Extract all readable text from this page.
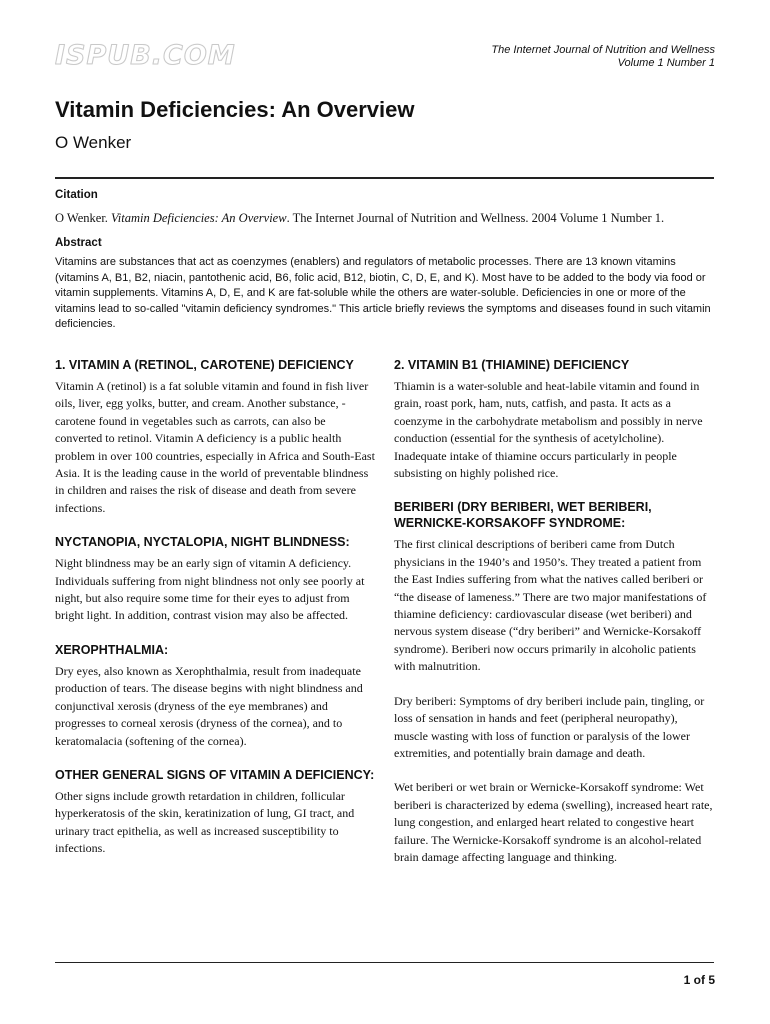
ISPUB.COM	The Internet Journal of Nutrition and Wellness
Volume 1 Number 1
Vitamin Deficiencies: An Overview
O Wenker
Citation
O Wenker. Vitamin Deficiencies: An Overview. The Internet Journal of Nutrition and Wellness. 2004 Volume 1 Number 1.
Abstract

Vitamins are substances that act as coenzymes (enablers) and regulators of metabolic processes. There are 13 known vitamins (vitamins A, B1, B2, niacin, pantothenic acid, B6, folic acid, B12, biotin, C, D, E, and K). Most have to be added to the body via food or vitamin supplements. Vitamins A, D, E, and K are fat-soluble while the others are water-soluble. Deficiencies in one or more of the vitamins lead to so-called "vitamin deficiency syndromes." This article briefly reviews the symptoms and diseases found in such vitamin deficiencies.

1. VITAMIN A (RETINOL, CAROTENE) DEFICIENCY

Vitamin A (retinol) is a fat soluble vitamin and found in fish liver oils, liver, egg yolks, butter, and cream. Another substance, -carotene found in vegetables such as carrots, can also be converted to retinol. Vitamin A deficiency is a public health problem in over 100 countries, especially in Africa and South-East Asia. It is the leading cause in the world of preventable blindness in children and raises the risk of disease and death from severe infections.

NYCTANOPIA, NYCTALOPIA, NIGHT BLINDNESS:

Night blindness may be an early sign of vitamin A deficiency. Individuals suffering from night blindness not only see poorly at night, but also require some time for their eyes to adjust from bright light. In addition, contrast vision may also be affected.

XEROPHTHALMIA:

Dry eyes, also known as Xerophthalmia, result from inadequate production of tears. The disease begins with night blindness and conjunctival xerosis (dryness of the eye membranes) and progresses to corneal xerosis (dryness of the cornea), and to keratomalacia (softening of the cornea).

OTHER GENERAL SIGNS OF VITAMIN A DEFICIENCY:

Other signs include growth retardation in children, follicular hyperkeratosis of the skin, keratinization of lung, GI tract, and urinary tract epithelia, as well as increased susceptibility to infections.

2. VITAMIN B1 (THIAMINE) DEFICIENCY

Thiamin is a water-soluble and heat-labile vitamin and found in grain, roast pork, ham, nuts, catfish, and pasta. It acts as a coenzyme in the carbohydrate metabolism and possibly in nerve conduction (essential for the synthesis of acetylcholine). Inadequate intake of thiamine occurs particularly in people subsisting on highly polished rice.

BERIBERI (DRY BERIBERI, WET BERIBERI, WERNICKE-KORSAKOFF SYNDROME:

The first clinical descriptions of beriberi came from Dutch physicians in the 1940’s and 1950’s. They treated a patient from the East Indies suffering from what the natives called beriberi or “the disease of lameness.” There are two major manifestations of thiamine deficiency: cardiovascular disease (wet beriberi) and nervous system disease (“dry beriberi” and Wernicke-Korsakoff syndrome). Beriberi now occurs primarily in alcoholic patients with malnutrition.

Dry beriberi: Symptoms of dry beriberi include pain, tingling, or loss of sensation in hands and feet (peripheral neuropathy), muscle wasting with loss of function or paralysis of the lower extremities, and potentially brain damage and death.

Wet beriberi or wet brain or Wernicke-Korsakoff syndrome: Wet beriberi is characterized by edema (swelling), increased heart rate, lung congestion, and enlarged heart related to congestive heart failure. The Wernicke-Korsakoff syndrome is an alcohol-related brain damage affecting language and thinking.

1 of 5
